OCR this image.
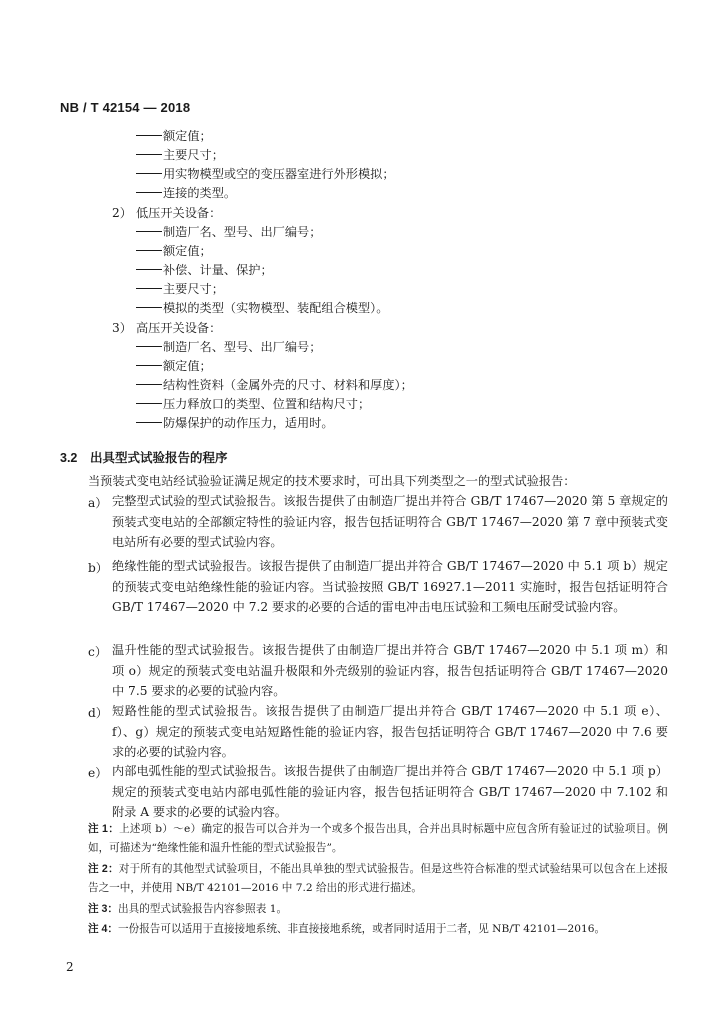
NB / T 42154 — 2018
额定值；
主要尺寸；
用实物模型或空的变压器室进行外形模拟；
连接的类型。
2） 低压开关设备：
制造厂名、型号、出厂编号；
额定值；
补偿、计量、保护；
主要尺寸；
模拟的类型（实物模型、装配组合模型）。
3） 高压开关设备：
制造厂名、型号、出厂编号；
额定值；
结构性资料（金属外壳的尺寸、材料和厚度）；
压力释放口的类型、位置和结构尺寸；
防爆保护的动作压力，适用时。
3.2 出具型式试验报告的程序
当预装式变电站经试验验证满足规定的技术要求时，可出具下列类型之一的型式试验报告：
a） 完整型式试验的型式试验报告。该报告提供了由制造厂提出并符合 GB/T 17467—2020 第 5 章规定的预装式变电站的全部额定特性的验证内容，报告包括证明符合 GB/T 17467—2020 第 7 章中预装式变电站所有必要的型式试验内容。
b） 绝缘性能的型式试验报告。该报告提供了由制造厂提出并符合 GB/T 17467—2020 中 5.1 项 b）规定的预装式变电站绝缘性能的验证内容。当试验按照 GB/T 16927.1—2011 实施时，报告包括证明符合 GB/T 17467—2020 中 7.2 要求的必要的合适的雷电冲击电压试验和工频电压耐受试验内容。
c） 温升性能的型式试验报告。该报告提供了由制造厂提出并符合 GB/T 17467—2020 中 5.1 项 m）和项 o）规定的预装式变电站温升极限和外壳级别的验证内容，报告包括证明符合 GB/T 17467—2020 中 7.5 要求的必要的试验内容。
d） 短路性能的型式试验报告。该报告提供了由制造厂提出并符合 GB/T 17467—2020 中 5.1 项 e）、f）、g）规定的预装式变电站短路性能的验证内容，报告包括证明符合 GB/T 17467—2020 中 7.6 要求的必要的试验内容。
e） 内部电弧性能的型式试验报告。该报告提供了由制造厂提出并符合 GB/T 17467—2020 中 5.1 项 p）规定的预装式变电站内部电弧性能的验证内容，报告包括证明符合 GB/T 17467—2020 中 7.102 和附录 A 要求的必要的试验内容。
注 1：上述项 b）～e）确定的报告可以合并为一个或多个报告出具，合并出具时标题中应包含所有验证过的试验项目。例如，可描述为“绝缘性能和温升性能的型式试验报告”。
注 2：对于所有的其他型式试验项目，不能出具单独的型式试验报告。但是这些符合标准的型式试验结果可以包含在上述报告之一中，并使用 NB/T 42101—2016 中 7.2 给出的形式进行描述。
注 3：出具的型式试验报告内容参照表 1。
注 4：一份报告可以适用于直接接地系统、非直接接地系统，或者同时适用于二者，见 NB/T 42101—2016。
2
